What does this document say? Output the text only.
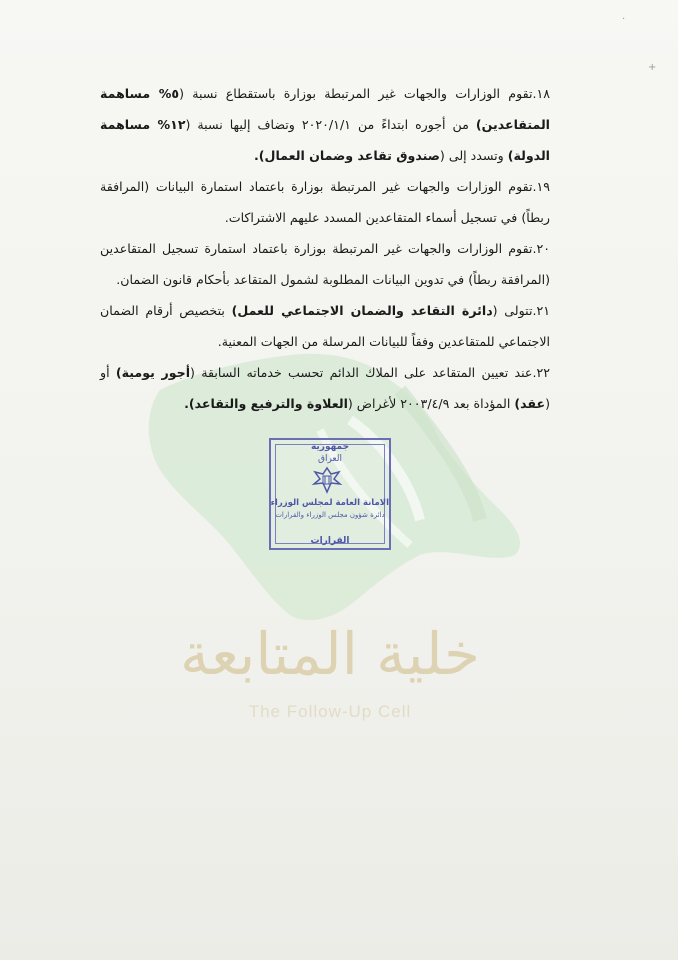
·
+
خلية المتابعة
The Follow-Up Cell
جمهورية
العراق
الامانة العامة لمجلس الوزراء
دائرة شؤون مجلس الوزراء والقرارات
القرارات

١٨.تقوم الوزارات والجهات غير المرتبطة بوزارة باستقطاع نسبة (٥% مساهمة المتقاعدين) من أجوره ابتداءً من ٢٠٢٠/١/١ وتضاف إليها نسبة (١٢% مساهمة الدولة) وتسدد إلى (صندوق تقاعد وضمان العمال).

١٩.تقوم الوزارات والجهات غير المرتبطة بوزارة باعتماد استمارة البيانات (المرافقة ربطاً) في تسجيل أسماء المتقاعدين المسدد عليهم الاشتراكات.

٢٠.تقوم الوزارات والجهات غير المرتبطة بوزارة باعتماد استمارة تسجيل المتقاعدين (المرافقة ربطاً) في تدوين البيانات المطلوبة لشمول المتقاعد بأحكام قانون الضمان.

٢١.تتولى (دائرة التقاعد والضمان الاجتماعي للعمل) بتخصيص أرقام الضمان الاجتماعي للمتقاعدين وفقاً للبيانات المرسلة من الجهات المعنية.

٢٢.عند تعيين المتقاعد على الملاك الدائم تحسب خدماته السابقة (أجور يومية) أو (عقد) المؤداة بعد ٢٠٠٣/٤/٩ لأغراض (العلاوة والترفيع والتقاعد).
